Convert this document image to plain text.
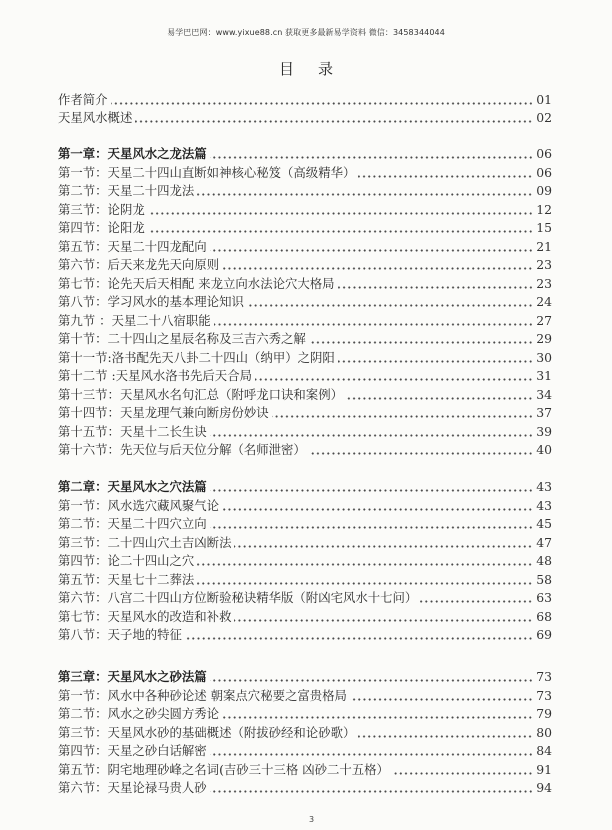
易学巴巴网：www.yixue88.cn 获取更多最新易学资料 微信：3458344044
目 录
作者简介	01
天星风水概述	02
第一章：天星风水之龙法篇	06
第一节：天星二十四山直断如神核心秘笈（高级精华）	06
第二节：天星二十四龙法	09
第三节：论阴龙	12
第四节：论阳龙	15
第五节：天星二十四龙配向	21
第六节：后天来龙先天向原则	23
第七节：论先天后天相配 来龙立向水法论穴大格局	23
第八节：学习风水的基本理论知识	24
第九节 ：天星二十八宿职能	27
第十节：二十四山之星辰名称及三吉六秀之解	29
第十一节:洛书配先天八卦二十四山（纳甲）之阴阳	30
第十二节 :天星风水洛书先后天合局	31
第十三节：天星风水名句汇总（附呼龙口诀和案例）	34
第十四节：天星龙理气兼向断房份妙诀	37
第十五节：天星十二长生诀	39
第十六节：先天位与后天位分解（名师泄密）	40
第二章：天星风水之穴法篇	43
第一节：风水选穴藏风聚气论	43
第二节：天星二十四穴立向	45
第三节：二十四山穴土吉凶断法	47
第四节：论二十四山之穴	48
第五节：天星七十二葬法	58
第六节：八宫二十四山方位断验秘诀精华版（附凶宅风水十七问）	63
第七节：天星风水的改造和补救	68
第八节：天子地的特征	69
第三章：天星风水之砂法篇	73
第一节：风水中各种砂论述 朝案点穴秘要之富贵格局	73
第二节：风水之砂尖圆方秀论	79
第三节：天星风水砂的基础概述（附拔砂经和论砂歌）	80
第四节：天星之砂白话解密	84
第五节：阴宅地理砂峰之名词(吉砂三十三格 凶砂二十五格）	91
第六节：天星论禄马贵人砂	94
3
